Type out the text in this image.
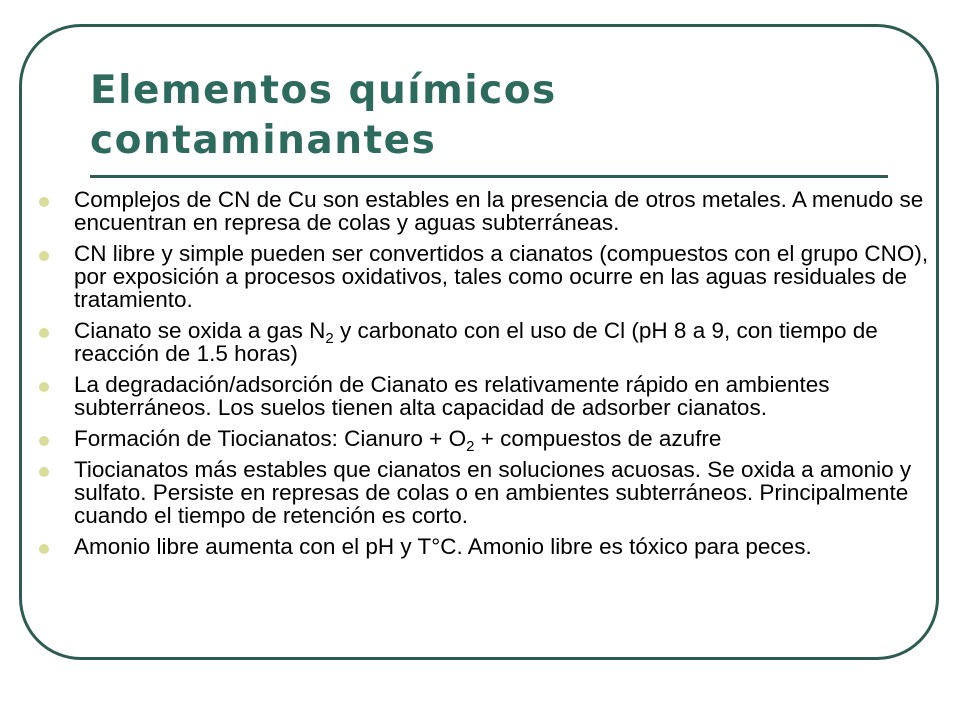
Elementos químicos
contaminantes
Complejos de CN de Cu son estables en la presencia de otros metales. A menudo se encuentran en represa de colas y aguas subterráneas.
CN libre y simple pueden ser convertidos a cianatos (compuestos con el grupo CNO), por exposición a procesos oxidativos, tales como ocurre en las aguas residuales de tratamiento.
Cianato se oxida a gas $N_2$ y carbonato con el uso de Cl (pH 8 a 9, con tiempo de reacción de 1.5 horas)
La degradación/adsorción de Cianato es relativamente rápido en ambientes subterráneos. Los suelos tienen alta capacidad de adsorber cianatos.
Formación de Tiocianatos: Cianuro + $O_2$ + compuestos de azufre
Tiocianatos más estables que cianatos en soluciones acuosas. Se oxida a amonio y sulfato. Persiste en represas de colas o en ambientes subterráneos. Principalmente cuando el tiempo de retención es corto.
Amonio libre aumenta con el pH y T°C. Amonio libre es tóxico para peces.
